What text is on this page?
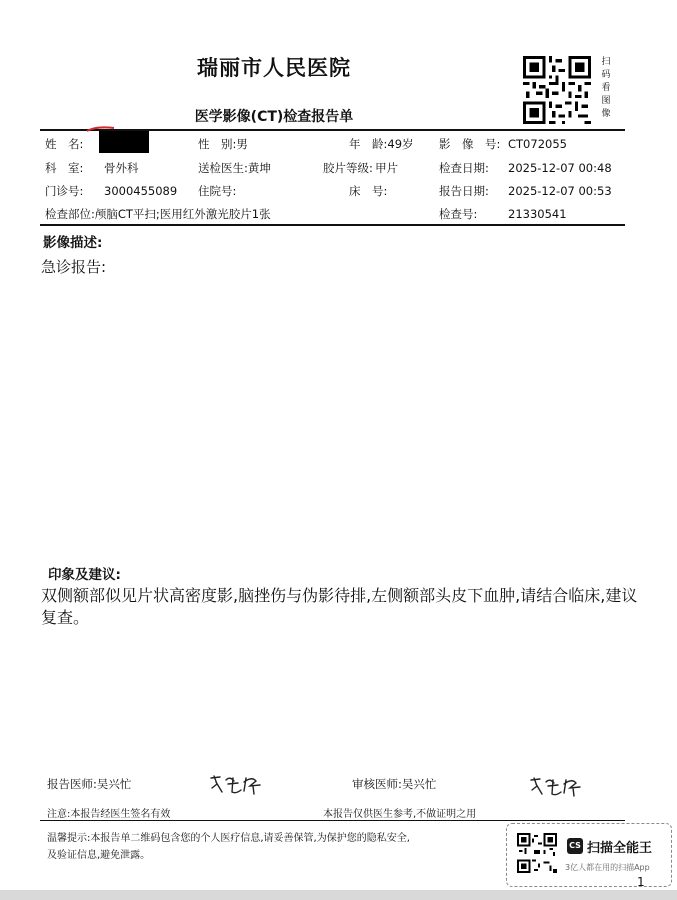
瑞丽市人民医院
医学影像(CT)检查报告单
扫
码
看
图
像
姓　名:	性　别:男	年　龄:49岁 影　像　号: CT072055
科　室: 骨外科	送检医生:黄坤	胶片等级:  甲片	检查日期: 2025-12-07 00:48
门诊号: 3000455089 住院号:	床　号:	报告日期: 2025-12-07 00:53
检查部位:颅脑CT平扫;医用红外激光胶片1张	检查号:	21330541
影像描述:
急诊报告:
印象及建议:
双侧额部似见片状高密度影,脑挫伤与伪影待排,左侧额部头皮下血肿,请结合临床,建议复查。
报告医师:吴兴忙	审核医师:吴兴忙
注意:本报告经医生签名有效	本报告仅供医生参考,不做证明之用
温馨提示:本报告单二维码包含您的个人医疗信息,请妥善保管,为保护您的隐私安全,
及验证信息,避免泄露。
CS 扫描全能王
3亿人都在用的扫描App
1
